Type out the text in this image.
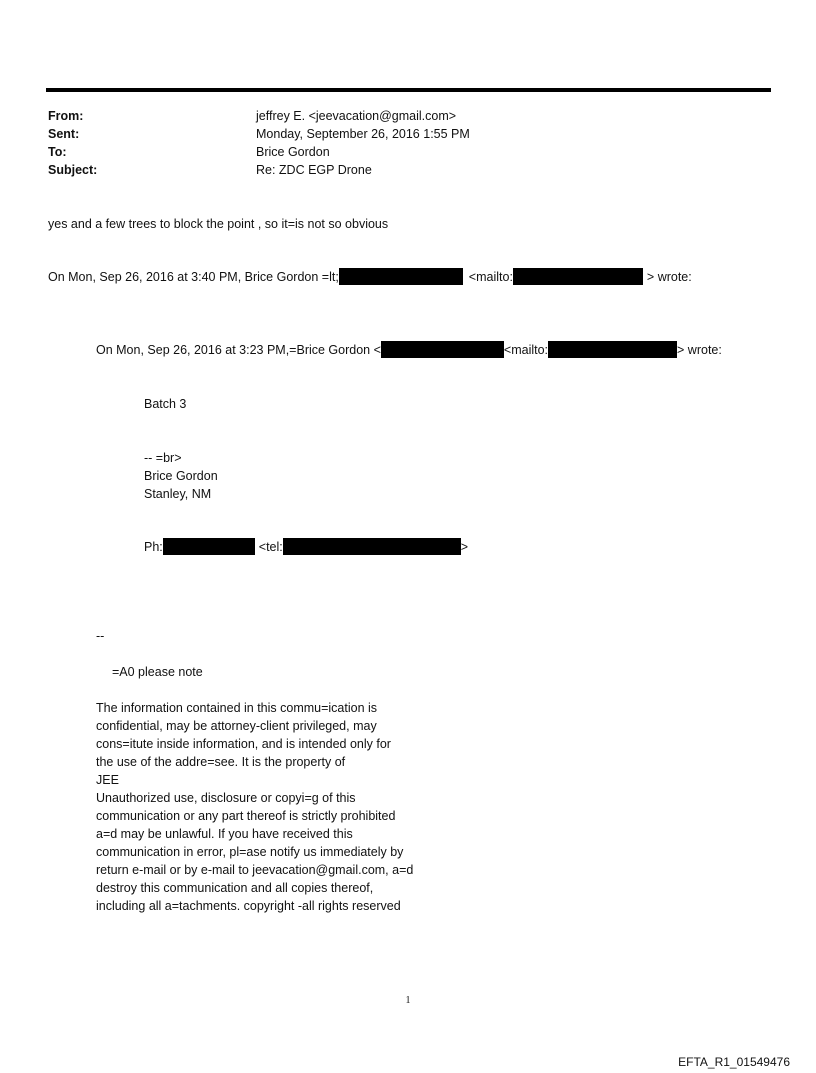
From:	jeffrey E. <jeevacation@gmail.com>
Sent:	Monday, September 26, 2016 1:55 PM
To:	Brice Gordon
Subject:	Re: ZDC EGP Drone
yes and a few trees to block the point , so it=is not so obvious
On Mon, Sep 26, 2016 at 3:40 PM, Brice Gordon =lt;	<mailto:	> wrote:
On Mon, Sep 26, 2016 at 3:23 PM,=Brice Gordon <	<mailto:	> wrote:
Batch 3
-- =br>
Brice Gordon
Stanley, NM
Ph:	<tel:	>
--
=A0 please note
The information contained in this commu=ication is
confidential, may be attorney-client privileged, may
cons=itute inside information, and is intended only for
the use of the addre=see. It is the property of
JEE
Unauthorized use, disclosure or copyi=g of this
communication or any part thereof is strictly prohibited
a=d may be unlawful. If you have received this
communication in error, pl=ase notify us immediately by
return e-mail or by e-mail to jeevacation@gmail.com, a=d
destroy this communication and all copies thereof,
including all a=tachments. copyright -all rights reserved
1
EFTA_R1_01549476
